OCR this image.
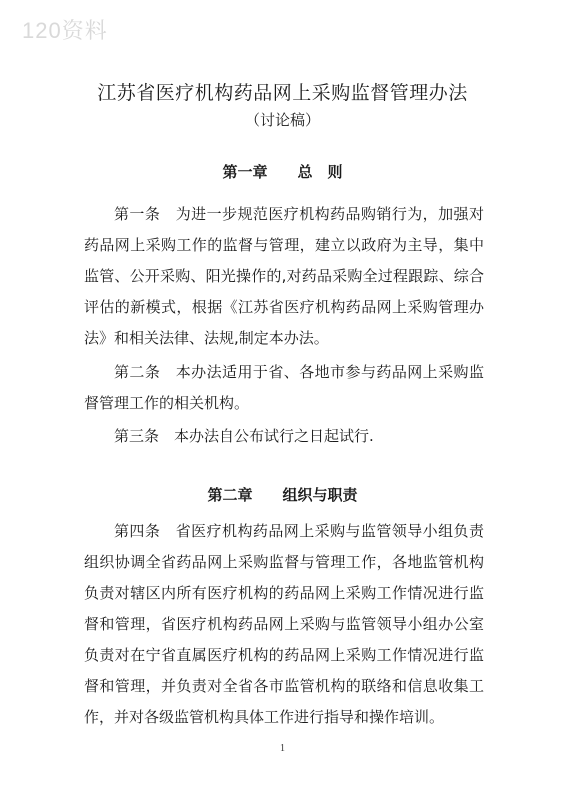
120资料
江苏省医疗机构药品网上采购监督管理办法
（讨论稿）
第一章 总　则

第一条　为进一步规范医疗机构药品购销行为，加强对药品网上采购工作的监督与管理，建立以政府为主导，集中监管、公开采购、阳光操作的,对药品采购全过程跟踪、综合评估的新模式，根据《江苏省医疗机构药品网上采购管理办法》和相关法律、法规,制定本办法。

第二条　本办法适用于省、各地市参与药品网上采购监督管理工作的相关机构。

第三条　本办法自公布试行之日起试行.

第二章 组织与职责

第四条　省医疗机构药品网上采购与监管领导小组负责组织协调全省药品网上采购监督与管理工作，各地监管机构负责对辖区内所有医疗机构的药品网上采购工作情况进行监督和管理，省医疗机构药品网上采购与监管领导小组办公室负责对在宁省直属医疗机构的药品网上采购工作情况进行监督和管理，并负责对全省各市监管机构的联络和信息收集工作，并对各级监管机构具体工作进行指导和操作培训。

1
